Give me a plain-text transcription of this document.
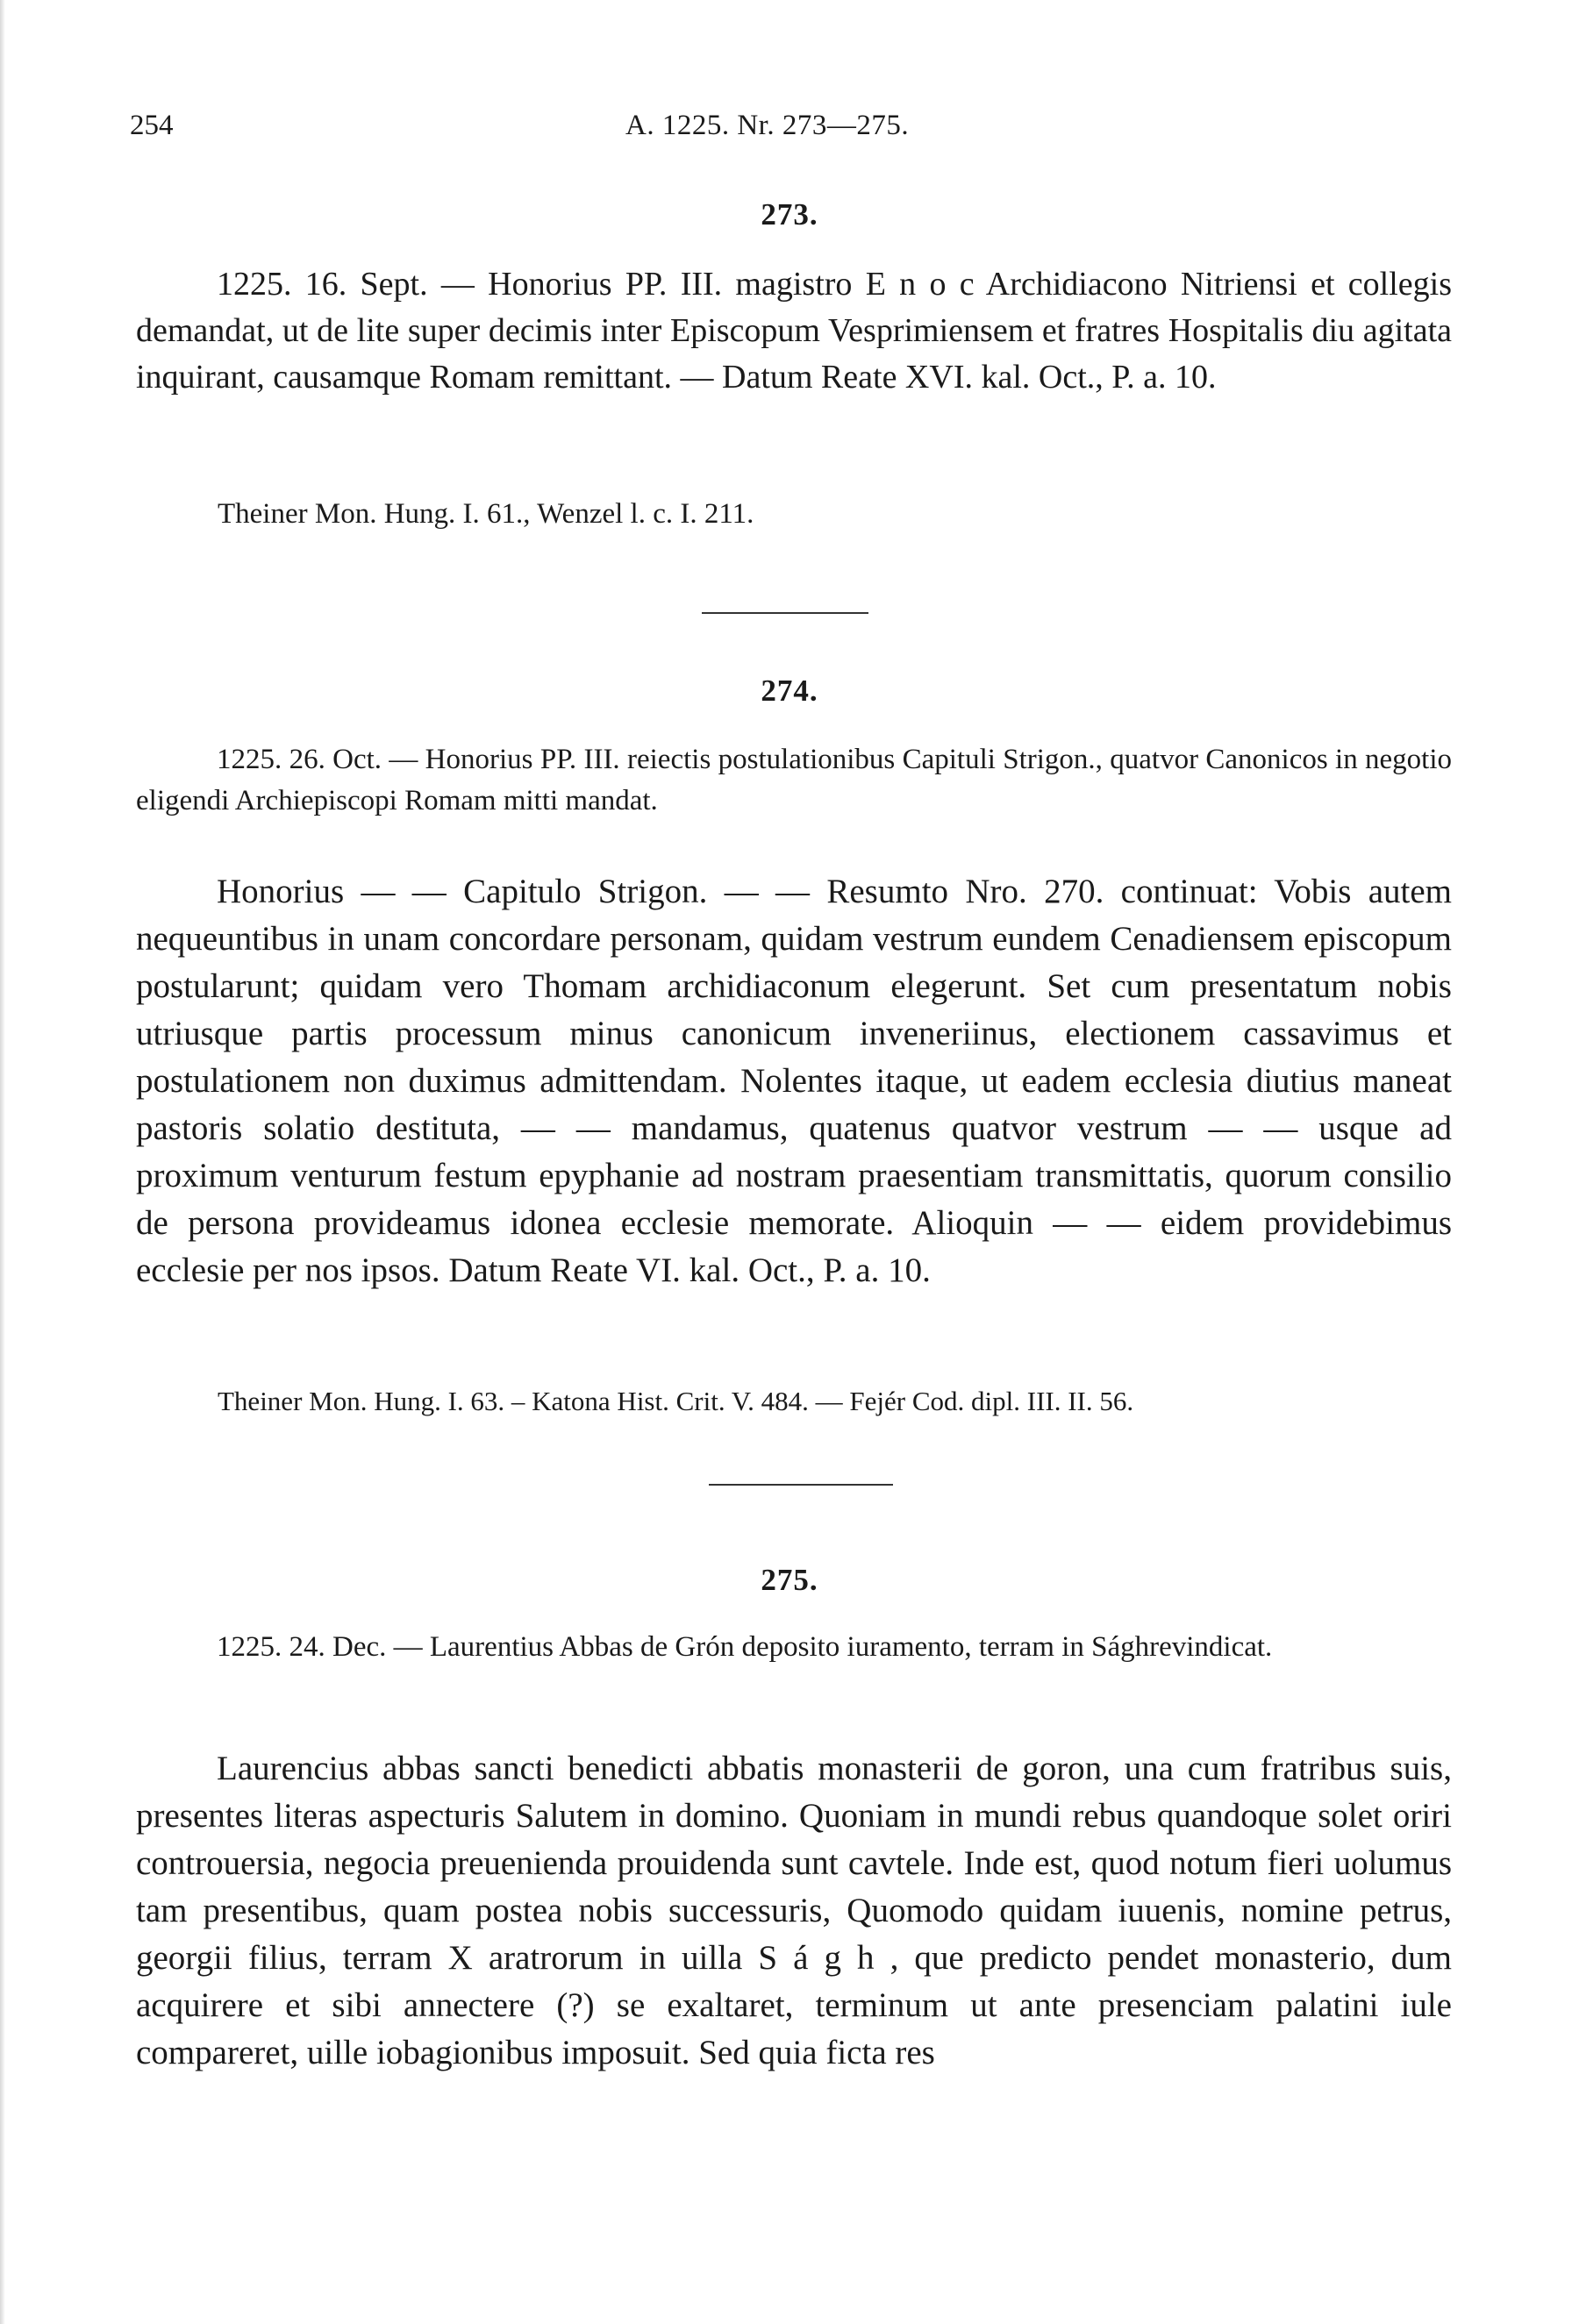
254	A. 1225. Nr. 273—275.
273.

1225. 16. Sept. — Honorius PP. III. magistro E n o c Archidiacono Nitriensi et collegis demandat, ut de lite super decimis inter Episcopum Vesprimiensem et fratres Hospitalis diu agitata inquirant, causamque Romam remittant. — Datum Reate XVI. kal. Oct., P. a. 10.

Theiner Mon. Hung. I. 61., Wenzel l. c. I. 211.

274.

1225. 26. Oct. — Honorius PP. III. reiectis postulationibus Capituli Strigon., quatvor Canonicos in negotio eligendi Archiepiscopi Romam mitti mandat.

Honorius — — Capitulo Strigon. — — Resumto Nro. 270. continuat: Vobis autem nequeuntibus in unam concordare personam, quidam vestrum eundem Cenadiensem episcopum postularunt; quidam vero Thomam archidiaconum elegerunt. Set cum presentatum nobis utriusque partis processum minus canonicum inveneriinus, electionem cassavimus et postulationem non duximus admittendam. Nolentes itaque, ut eadem ecclesia diutius maneat pastoris solatio destituta, — — mandamus, quatenus quatvor vestrum — — usque ad proximum venturum festum epyphanie ad nostram praesentiam transmittatis, quorum consilio de persona provideamus idonea ecclesie memorate. Alioquin — — eidem providebimus ecclesie per nos ipsos. Datum Reate VI. kal. Oct., P. a. 10.

Theiner Mon. Hung. I. 63. – Katona Hist. Crit. V. 484. — Fejér Cod. dipl. III. II. 56.

275.

1225. 24. Dec. — Laurentius Abbas de Grón deposito iuramento, terram in Sághrevindicat.

Laurencius abbas sancti benedicti abbatis monasterii de goron, una cum fratribus suis, presentes literas aspecturis Salutem in domino. Quoniam in mundi rebus quandoque solet oriri controuersia, negocia preuenienda prouidenda sunt cavtele. Inde est, quod notum fieri uolumus tam presentibus, quam postea nobis successuris, Quomodo quidam iuuenis, nomine petrus, georgii filius, terram X aratrorum in uilla S á g h , que predicto pendet monasterio, dum acquirere et sibi annectere (?) se exaltaret, terminum ut ante presenciam palatini iule compareret, uille iobagionibus imposuit. Sed quia ficta res
